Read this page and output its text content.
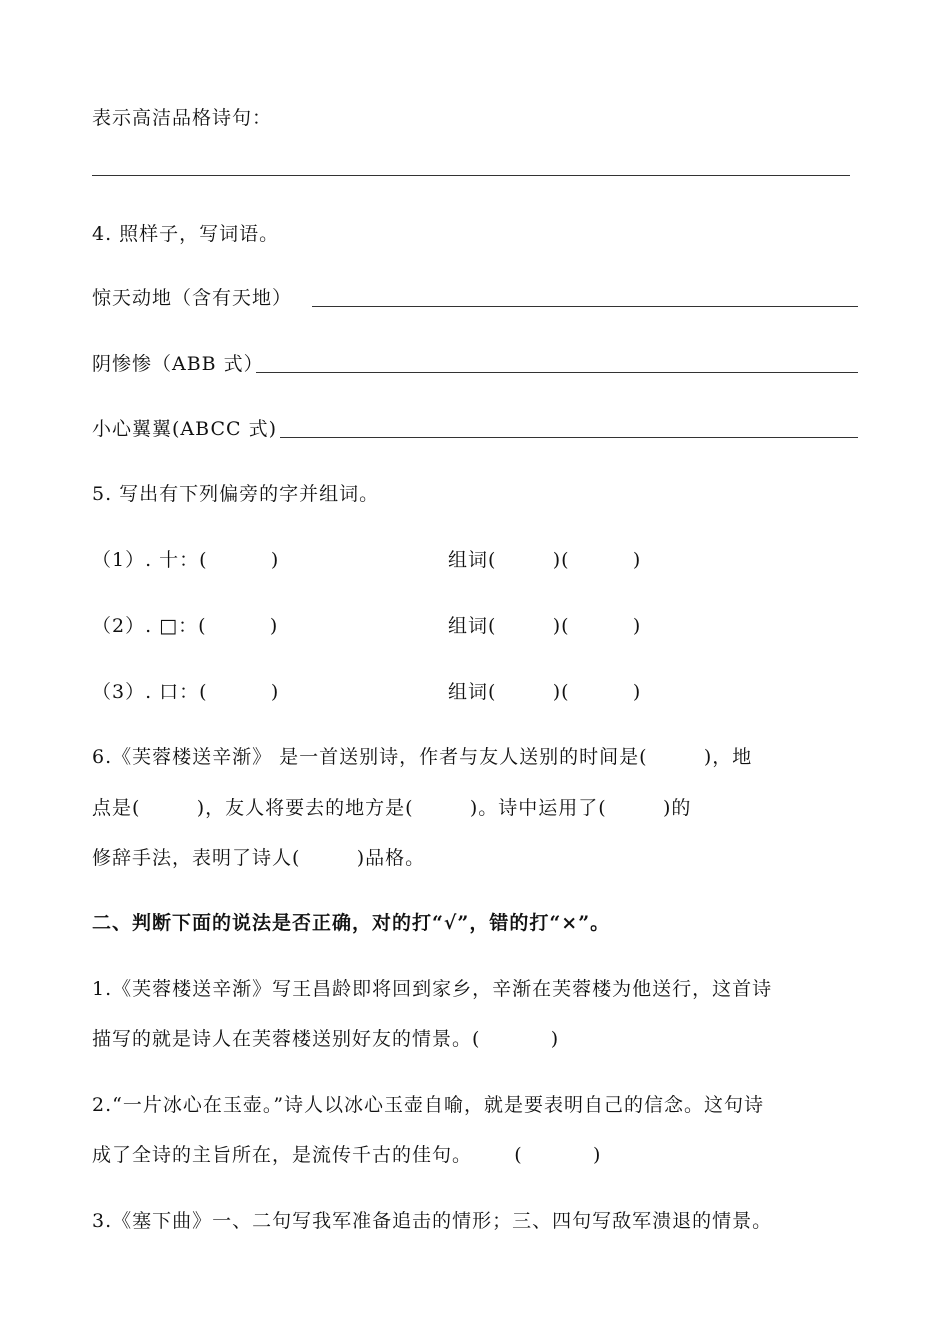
表示高洁品格诗句：
4. 照样子，写词语。
惊天动地（含有天地）
阴惨惨（ABB 式）
小心翼翼(ABCC 式)
5. 写出有下列偏旁的字并组词。
（1）. 十：(         )	组词(        )(         )
（2）. □：(         )	组词(        )(         )
（3）. 口：(         )	组词(        )(         )
6.《芙蓉楼送辛渐》 是一首送别诗，作者与友人送别的时间是(        )，地
点是(        )，友人将要去的地方是(        )。诗中运用了(        )的
修辞手法，表明了诗人(        )品格。
二、判断下面的说法是否正确，对的打“√”，错的打“×”。
1.《芙蓉楼送辛渐》写王昌龄即将回到家乡，辛渐在芙蓉楼为他送行，这首诗
描写的就是诗人在芙蓉楼送别好友的情景。(          )
2.“一片冰心在玉壶。”诗人以冰心玉壶自喻，就是要表明自己的信念。这句诗
成了全诗的主旨所在，是流传千古的佳句。      (          )
3.《塞下曲》一、二句写我军准备追击的情形；三、四句写敌军溃退的情景。
